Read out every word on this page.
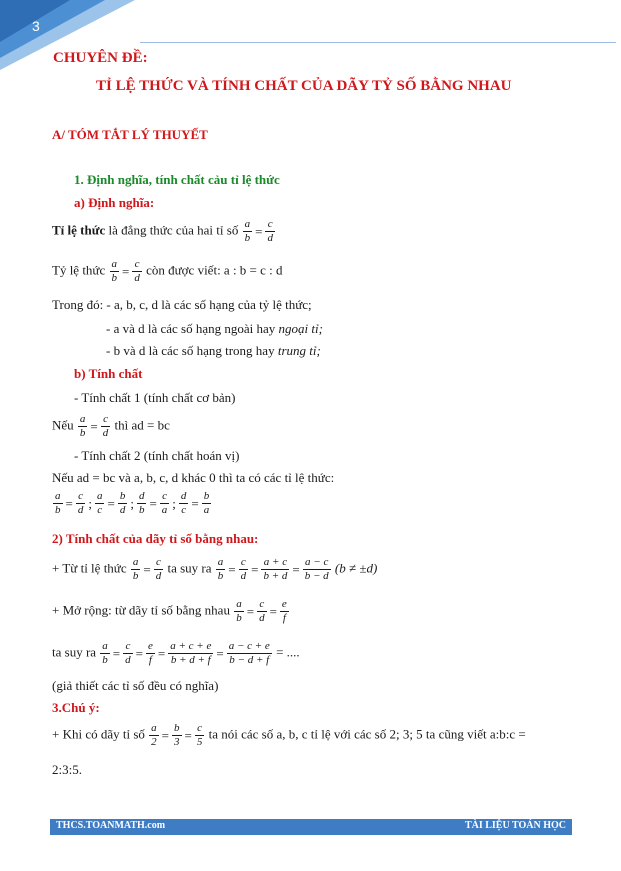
3
CHUYÊN ĐỀ:
TỈ LỆ THỨC VÀ TÍNH CHẤT CỦA DÃY TỶ SỐ BẰNG NHAU
A/ TÓM TẮT LÝ THUYẾT
1. Định nghĩa, tính chất cảu tỉ lệ thức
a) Định nghĩa:
Tỉ lệ thức là đẳng thức của hai tỉ số $\frac{a}{b} = \frac{c}{d}$
Tỷ lệ thức $\frac{a}{b} = \frac{c}{d}$ còn được viết: a : b = c : d
Trong đó: - a, b, c, d là các số hạng của tỷ lệ thức;
- a và d là các số hạng ngoài hay ngoại tỉ;
- b và d là các số hạng trong hay trung tỉ;
b) Tính chất
- Tính chất 1 (tính chất cơ bản)
Nếu $\frac{a}{b} = \frac{c}{d}$ thì ad = bc
- Tính chất 2 (tính chất hoán vị)
Nếu ad = bc và a, b, c, d khác 0 thì ta có các tỉ lệ thức:
$\frac{a}{b} = \frac{c}{d}$ ; $\frac{a}{c} = \frac{b}{d}$ ; $\frac{d}{b} = \frac{c}{a}$ ; $\frac{d}{c} = \frac{b}{a}$
2) Tính chất của dãy tỉ số bằng nhau:
+ Từ tỉ lệ thức $\frac{a}{b} = \frac{c}{d}$ ta suy ra $\frac{a}{b} = \frac{c}{d} = \frac{a + c}{b + d} = \frac{a - c}{b - d} (b \ne \pm d)$
+ Mở rộng: từ dãy tỉ số bằng nhau $\frac{a}{b} = \frac{c}{d} = \frac{e}{f}$
ta suy ra $\frac{a}{b} = \frac{c}{d} = \frac{e}{f} = \frac{a + c + e}{b + d + f} = \frac{a - c + e}{b - d + f}$ = ....
(giả thiết các tỉ số đều có nghĩa)
3.Chú ý:
+ Khi có dãy tỉ số $\frac{a}{2} = \frac{b}{3} = \frac{c}{5}$ ta nói các số a, b, c tỉ lệ với các số 2; 3; 5 ta cũng viết a:b:c =
2:3:5.
THCS.TOANMATH.com	TÀI LIỆU TOÁN HỌC
